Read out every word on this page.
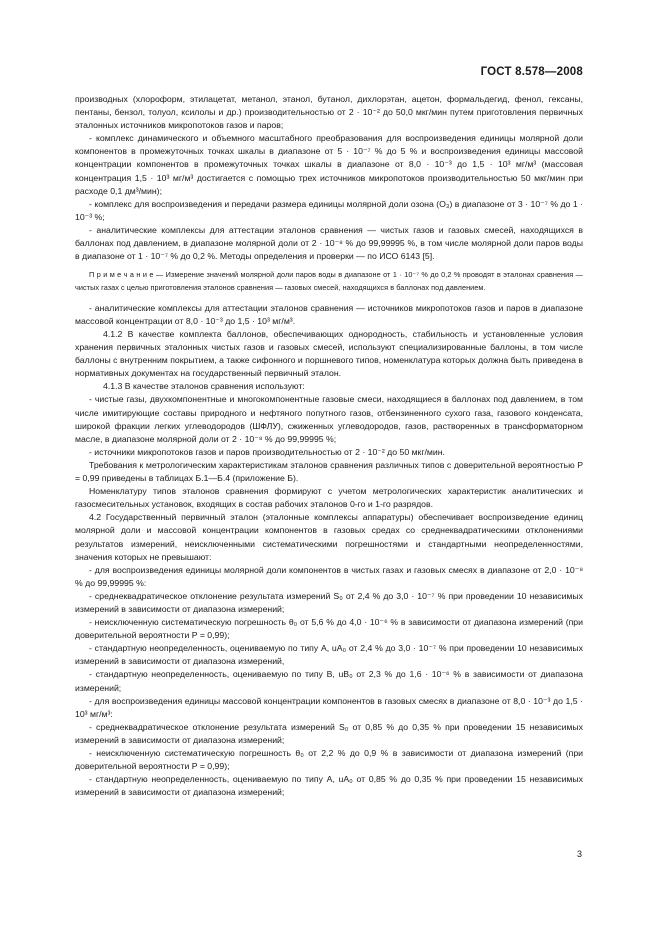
ГОСТ 8.578—2008

производных (хлороформ, этилацетат, метанол, этанол, бутанол, дихлорэтан, ацетон, формальдегид, фенол, гексаны, пентаны, бензол, толуол, ксилолы и др.) производительностью от 2 · 10⁻² до 50,0 мкг/мин путем приготовления первичных эталонных источников микропотоков газов и паров;

- комплекс динамического и объемного масштабного преобразования для воспроизведения единицы молярной доли компонентов в промежуточных точках шкалы в диапазоне от 5 · 10⁻⁷ % до 5 % и воспроизведения единицы массовой концентрации компонентов в промежуточных точках шкалы в диапазоне от 8,0 · 10⁻³ до 1,5 · 10³ мг/м³ (массовая концентрация 1,5 · 10³ мг/м³ достигается с помощью трех источников микропотоков производительностью 50 мкг/мин при расходе 0,1 дм³/мин);

- комплекс для воспроизведения и передачи размера единицы молярной доли озона (O₃) в диапазоне от 3 · 10⁻⁷ % до 1 · 10⁻³ %;

- аналитические комплексы для аттестации эталонов сравнения — чистых газов и газовых смесей, находящихся в баллонах под давлением, в диапазоне молярной доли от 2 · 10⁻⁸ % до 99,99995 %, в том числе молярной доли паров воды в диапазоне от 1 · 10⁻⁷ % до 0,2 %. Методы определения и проверки — по ИСО 6143 [5].

П р и м е ч а н и е — Измерение значений молярной доли паров воды в диапазоне от 1 · 10⁻⁷ % до 0,2 % проводят в эталонах сравнения — чистых газах с целью приготовления эталонов сравнения — газовых смесей, находящихся в баллонах под давлением.

- аналитические комплексы для аттестации эталонов сравнения — источников микропотоков газов и паров в диапазоне массовой концентрации от 8,0 · 10⁻³ до 1,5 · 10³ мг/м³.

4.1.2 В качестве комплекта баллонов, обеспечивающих однородность, стабильность и установленные условия хранения первичных эталонных чистых газов и газовых смесей, используют специализированные баллоны, в том числе баллоны с внутренним покрытием, а также сифонного и поршневого типов, номенклатура которых должна быть приведена в нормативных документах на государственный первичный эталон.

4.1.3 В качестве эталонов сравнения используют:

- чистые газы, двухкомпонентные и многокомпонентные газовые смеси, находящиеся в баллонах под давлением, в том числе имитирующие составы природного и нефтяного попутного газов, отбензиненного сухого газа, газового конденсата, широкой фракции легких углеводородов (ШФЛУ), сжиженных углеводородов, газов, растворенных в трансформаторном масле, в диапазоне молярной доли от 2 · 10⁻⁸ % до 99,99995 %;

- источники микропотоков газов и паров производительностью от 2 · 10⁻² до 50 мкг/мин.

Требования к метрологическим характеристикам эталонов сравнения различных типов с доверительной вероятностью P = 0,99 приведены в таблицах Б.1—Б.4 (приложение Б).

Номенклатуру типов эталонов сравнения формируют с учетом метрологических характеристик аналитических и газосмесительных установок, входящих в состав рабочих эталонов 0-го и 1-го разрядов.

4.2 Государственный первичный эталон (эталонные комплексы аппаратуры) обеспечивает воспроизведение единиц молярной доли и массовой концентрации компонентов в газовых средах со среднеквадратическими отклонениями результатов измерений, неисключенными систематическими погрешностями и стандартными неопределенностями, значения которых не превышают:

- для воспроизведения единицы молярной доли компонентов в чистых газах и газовых смесях в диапазоне от 2,0 · 10⁻⁸ % до 99,99995 %:

- среднеквадратическое отклонение результата измерений S₀ от 2,4 % до 3,0 · 10⁻⁷ % при проведении 10 независимых измерений в зависимости от диапазона измерений;

- неисключенную систематическую погрешность θ₀ от 5,6 % до 4,0 · 10⁻⁶ % в зависимости от диапазона измерений (при доверительной вероятности P = 0,99);

- стандартную неопределенность, оцениваемую по типу А, uA₀ от 2,4 % до 3,0 · 10⁻⁷ % при проведении 10 независимых измерений в зависимости от диапазона измерений,

- стандартную неопределенность, оцениваемую по типу В, uB₀ от 2,3 % до 1,6 · 10⁻⁶ % в зависимости от диапазона измерений;

- для воспроизведения единицы массовой концентрации компонентов в газовых смесях в диапазоне от 8,0 · 10⁻³ до 1,5 · 10³ мг/м³:

- среднеквадратическое отклонение результата измерений S₀ от 0,85 % до 0,35 % при проведении 15 независимых измерений в зависимости от диапазона измерений;

- неисключенную систематическую погрешность θ₀ от 2,2 % до 0,9 % в зависимости от диапазона измерений (при доверительной вероятности P = 0,99);

- стандартную неопределенность, оцениваемую по типу А, uA₀ от 0,85 % до 0,35 % при проведении 15 независимых измерений в зависимости от диапазона измерений;

3
